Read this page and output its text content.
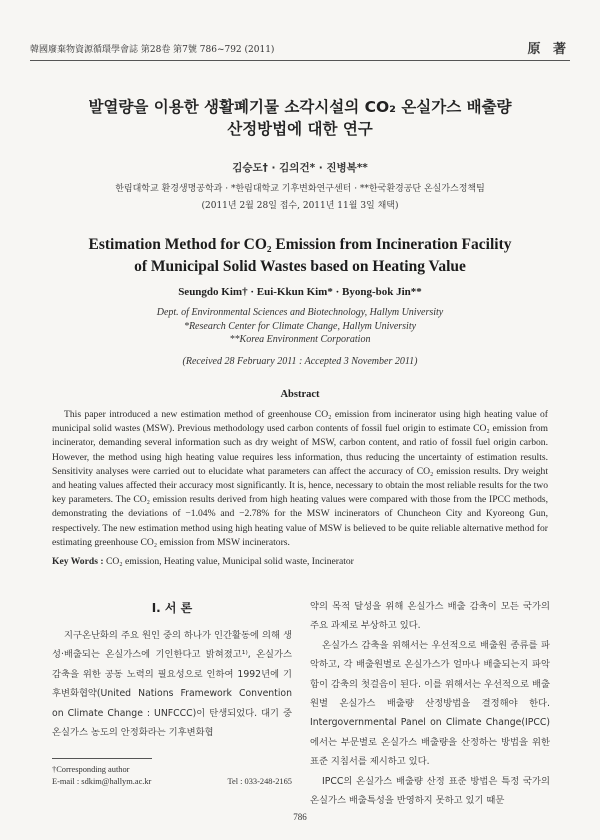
韓國廢棄物資源循環學會誌 第28卷 第7號 786~792 (2011)	原 著
발열량을 이용한 생활폐기물 소각시설의 CO₂ 온실가스 배출량
산정방법에 대한 연구
김승도† · 김의건* · 진병복**
한림대학교 환경생명공학과 · *한림대학교 기후변화연구센터 · **한국환경공단 온실가스정책팀
(2011년 2월 28일 접수, 2011년 11월 3일 채택)
Estimation Method for CO₂ Emission from Incineration Facility
of Municipal Solid Wastes based on Heating Value
Seungdo Kim† · Eui-Kkun Kim* · Byong-bok Jin**
Dept. of Environmental Sciences and Biotechnology, Hallym University
*Research Center for Climate Change, Hallym University
**Korea Environment Corporation
(Received 28 February 2011 : Accepted 3 November 2011)
Abstract
This paper introduced a new estimation method of greenhouse CO₂ emission from incinerator using high heating value of municipal solid wastes (MSW). Previous methodology used carbon contents of fossil fuel origin to estimate CO₂ emission from incinerator, demanding several information such as dry weight of MSW, carbon content, and ratio of fossil fuel origin carbon. However, the method using high heating value requires less information, thus reducing the uncertainty of estimation results. Sensitivity analyses were carried out to elucidate what parameters can affect the accuracy of CO₂ emission results. Dry weight and heating values affected their accuracy most significantly. It is, hence, necessary to obtain the most reliable results for the two key parameters. The CO₂ emission results derived from high heating values were compared with those from the IPCC methods, demonstrating the deviations of −1.04% and −2.78% for the MSW incinerators of Chuncheon City and Kyoreong Gun, respectively. The new estimation method using high heating value of MSW is believed to be quite reliable alternative method for estimating greenhouse CO₂ emission from MSW incinerators.
Key Words : CO₂ emission, Heating value, Municipal solid waste, Incinerator
I. 서 론

지구온난화의 주요 원인 중의 하나가 인간활동에 의해 생성·배출되는 온실가스에 기인한다고 밝혀졌고¹⁾, 온실가스 감축을 위한 공동 노력의 필요성으로 인하여 1992년에 기후변화협약(United Nations Framework Convention on Climate Change : UNFCCC)이 탄생되었다. 대기 중 온실가스 농도의 안정화라는 기후변화협

약의 목적 달성을 위해 온실가스 배출 감축이 모든 국가의 주요 과제로 부상하고 있다.

온실가스 감축을 위해서는 우선적으로 배출원 종류를 파악하고, 각 배출원별로 온실가스가 얼마나 배출되는지 파악함이 감축의 첫걸음이 된다. 이를 위해서는 우선적으로 배출원별 온실가스 배출량 산정방법을 결정해야 한다. Intergovernmental Panel on Climate Change(IPCC)에서는 부문별로 온실가스 배출량을 산정하는 방법을 위한 표준 지침서를 제시하고 있다.

IPCC의 온실가스 배출량 산정 표준 방법은 특정 국가의 온실가스 배출특성을 반영하지 못하고 있기 때문

†Corresponding author
E-mail : sdkim@hallym.ac.kr	Tel : 033-248-2165
786
